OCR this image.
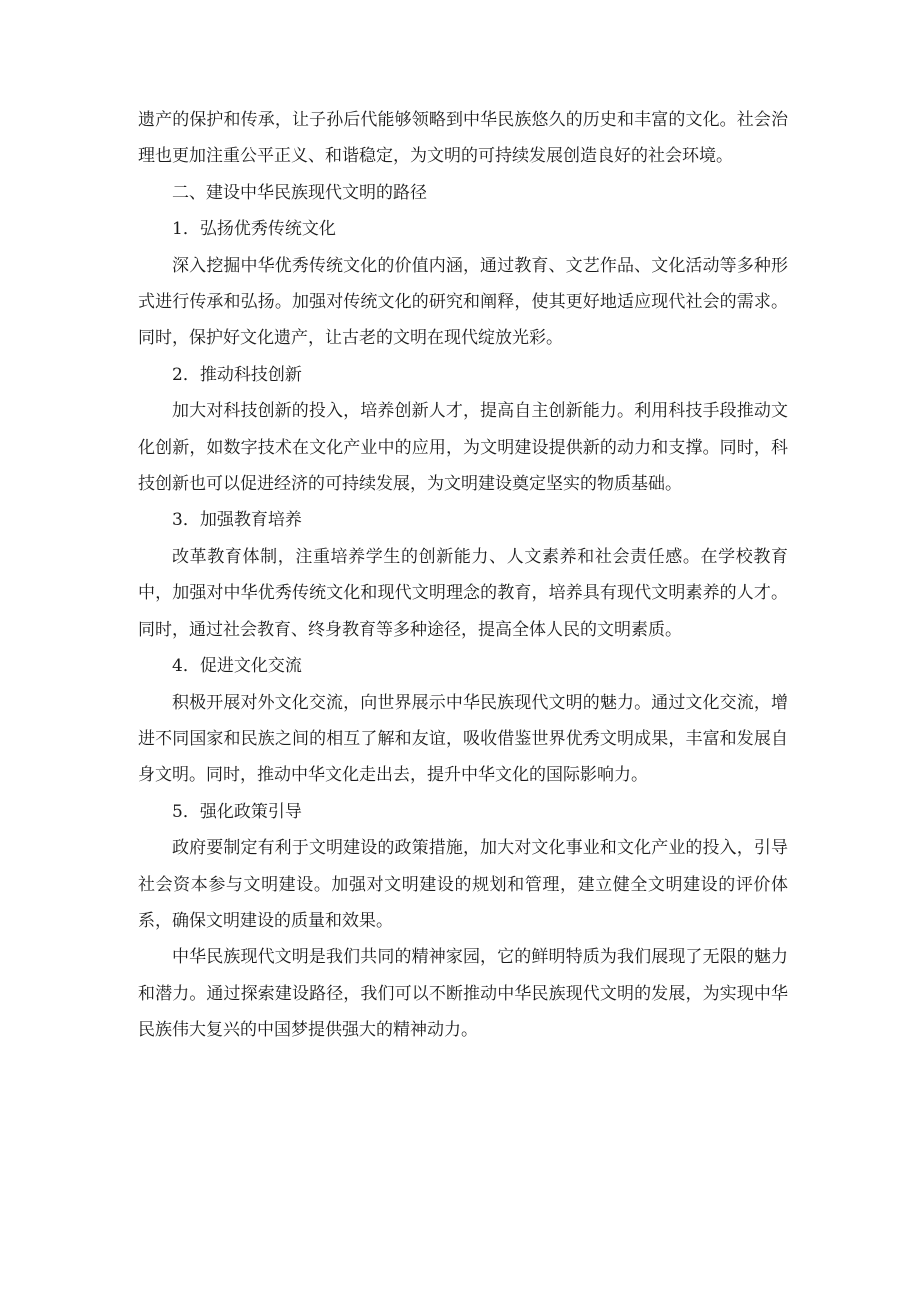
遗产的保护和传承，让子孙后代能够领略到中华民族悠久的历史和丰富的文化。社会治理也更加注重公平正义、和谐稳定，为文明的可持续发展创造良好的社会环境。

二、建设中华民族现代文明的路径

1．弘扬优秀传统文化

深入挖掘中华优秀传统文化的价值内涵，通过教育、文艺作品、文化活动等多种形式进行传承和弘扬。加强对传统文化的研究和阐释，使其更好地适应现代社会的需求。同时，保护好文化遗产，让古老的文明在现代绽放光彩。

2．推动科技创新

加大对科技创新的投入，培养创新人才，提高自主创新能力。利用科技手段推动文化创新，如数字技术在文化产业中的应用，为文明建设提供新的动力和支撑。同时，科技创新也可以促进经济的可持续发展，为文明建设奠定坚实的物质基础。

3．加强教育培养

改革教育体制，注重培养学生的创新能力、人文素养和社会责任感。在学校教育中，加强对中华优秀传统文化和现代文明理念的教育，培养具有现代文明素养的人才。同时，通过社会教育、终身教育等多种途径，提高全体人民的文明素质。

4．促进文化交流

积极开展对外文化交流，向世界展示中华民族现代文明的魅力。通过文化交流，增进不同国家和民族之间的相互了解和友谊，吸收借鉴世界优秀文明成果，丰富和发展自身文明。同时，推动中华文化走出去，提升中华文化的国际影响力。

5．强化政策引导

政府要制定有利于文明建设的政策措施，加大对文化事业和文化产业的投入，引导社会资本参与文明建设。加强对文明建设的规划和管理，建立健全文明建设的评价体系，确保文明建设的质量和效果。

中华民族现代文明是我们共同的精神家园，它的鲜明特质为我们展现了无限的魅力和潜力。通过探索建设路径，我们可以不断推动中华民族现代文明的发展，为实现中华民族伟大复兴的中国梦提供强大的精神动力。
